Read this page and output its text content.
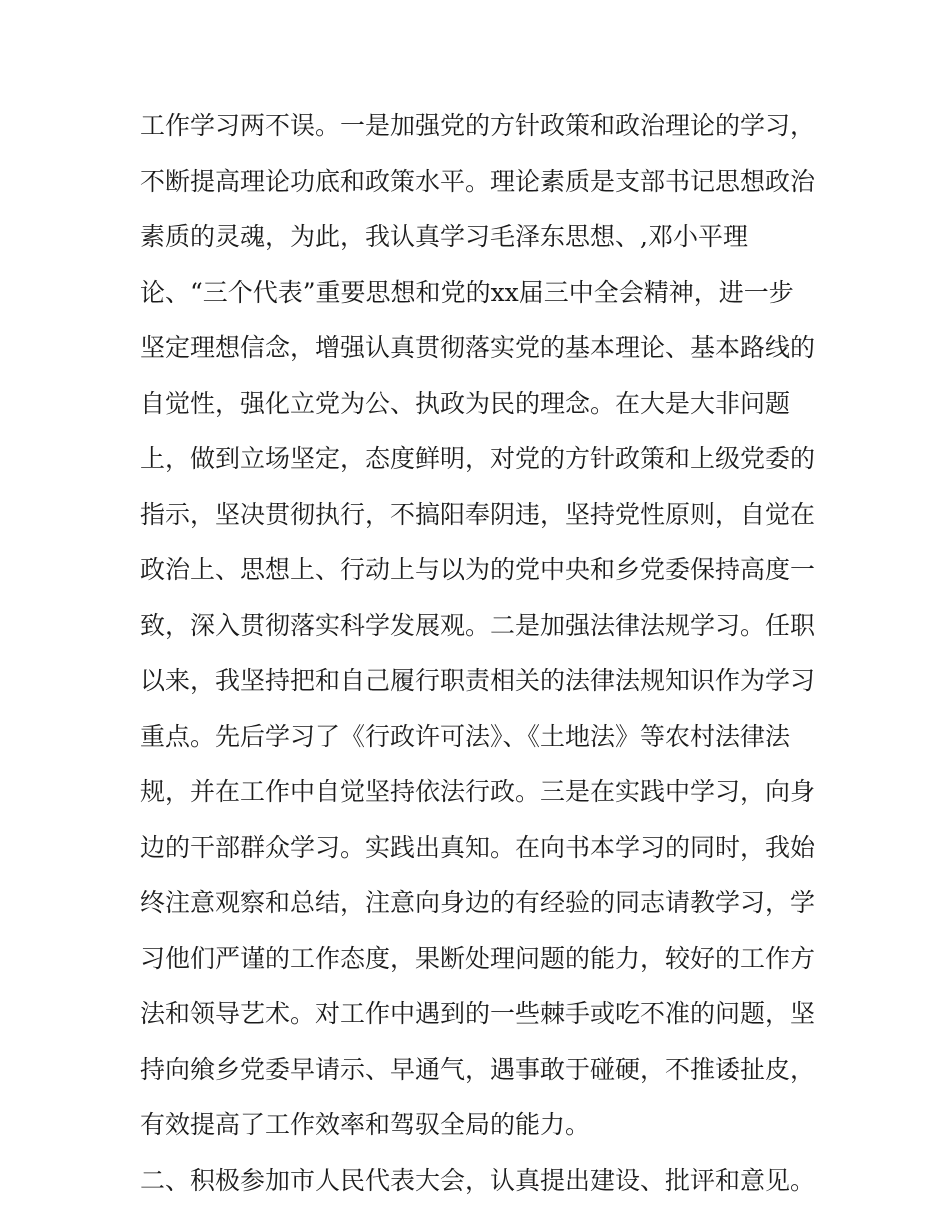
工作学习两不误。一是加强党的方针政策和政治理论的学习，
不断提高理论功底和政策水平。理论素质是支部书记思想政治
素质的灵魂，为此，我认真学习毛泽东思想、,邓小平理
论、“三个代表”重要思想和党的xx届三中全会精神，进一步
坚定理想信念，增强认真贯彻落实党的基本理论、基本路线的
自觉性，强化立党为公、执政为民的理念。在大是大非问题
上，做到立场坚定，态度鲜明，对党的方针政策和上级党委的
指示，坚决贯彻执行，不搞阳奉阴违，坚持党性原则，自觉在
政治上、思想上、行动上与以为的党中央和乡党委保持高度一
致，深入贯彻落实科学发展观。二是加强法律法规学习。任职
以来，我坚持把和自己履行职责相关的法律法规知识作为学习
重点。先后学习了《行政许可法》、《土地法》等农村法律法
规，并在工作中自觉坚持依法行政。三是在实践中学习，向身
边的干部群众学习。实践出真知。在向书本学习的同时，我始
终注意观察和总结，注意向身边的有经验的同志请教学习，学
习他们严谨的工作态度，果断处理问题的能力，较好的工作方
法和领导艺术。对工作中遇到的一些棘手或吃不准的问题，坚
持向飨乡党委早请示、早通气，遇事敢于碰硬，不推诿扯皮，
有效提高了工作效率和驾驭全局的能力。
二、积极参加市人民代表大会，认真提出建设、批评和意见。
